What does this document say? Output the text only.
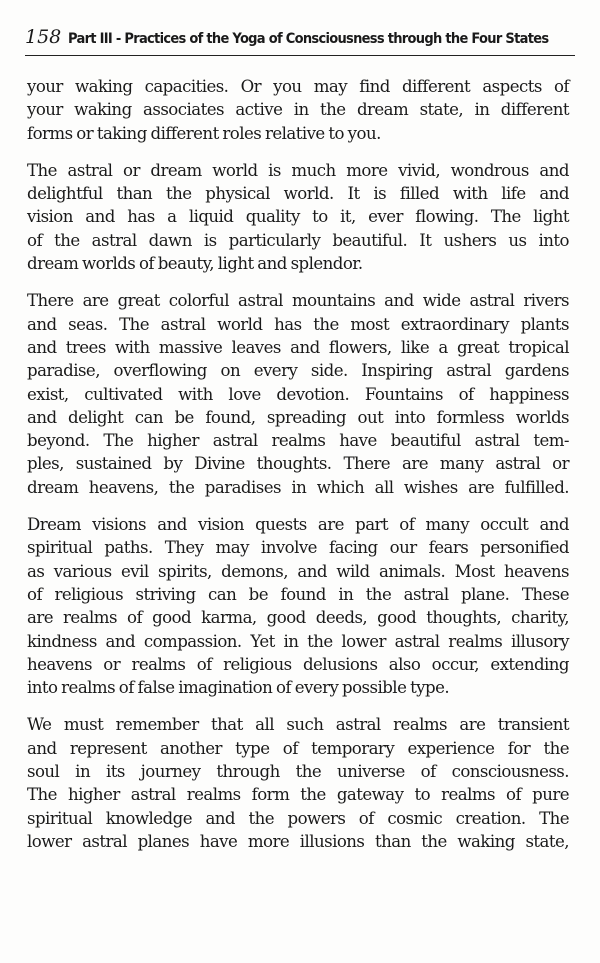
158 Part III - Practices of the Yoga of Consciousness through the Four States

your waking capacities. Or you may find different aspects of
your waking associates active in the dream state, in different
forms or taking different roles relative to you.

The astral or dream world is much more vivid, wondrous and
delightful than the physical world. It is filled with life and
vision and has a liquid quality to it, ever flowing. The light
of the astral dawn is particularly beautiful. It ushers us into
dream worlds of beauty, light and splendor.

There are great colorful astral mountains and wide astral rivers
and seas. The astral world has the most extraordinary plants
and trees with massive leaves and flowers, like a great tropical
paradise, overflowing on every side. Inspiring astral gardens
exist, cultivated with love devotion. Fountains of happiness
and delight can be found, spreading out into formless worlds
beyond. The higher astral realms have beautiful astral tem-
ples, sustained by Divine thoughts. There are many astral or
dream heavens, the paradises in which all wishes are fulfilled.

Dream visions and vision quests are part of many occult and
spiritual paths. They may involve facing our fears personified
as various evil spirits, demons, and wild animals. Most heavens
of religious striving can be found in the astral plane. These
are realms of good karma, good deeds, good thoughts, charity,
kindness and compassion. Yet in the lower astral realms illusory
heavens or realms of religious delusions also occur, extending
into realms of false imagination of every possible type.

We must remember that all such astral realms are transient
and represent another type of temporary experience for the
soul in its journey through the universe of consciousness.
The higher astral realms form the gateway to realms of pure
spiritual knowledge and the powers of cosmic creation. The
lower astral planes have more illusions than the waking state,
